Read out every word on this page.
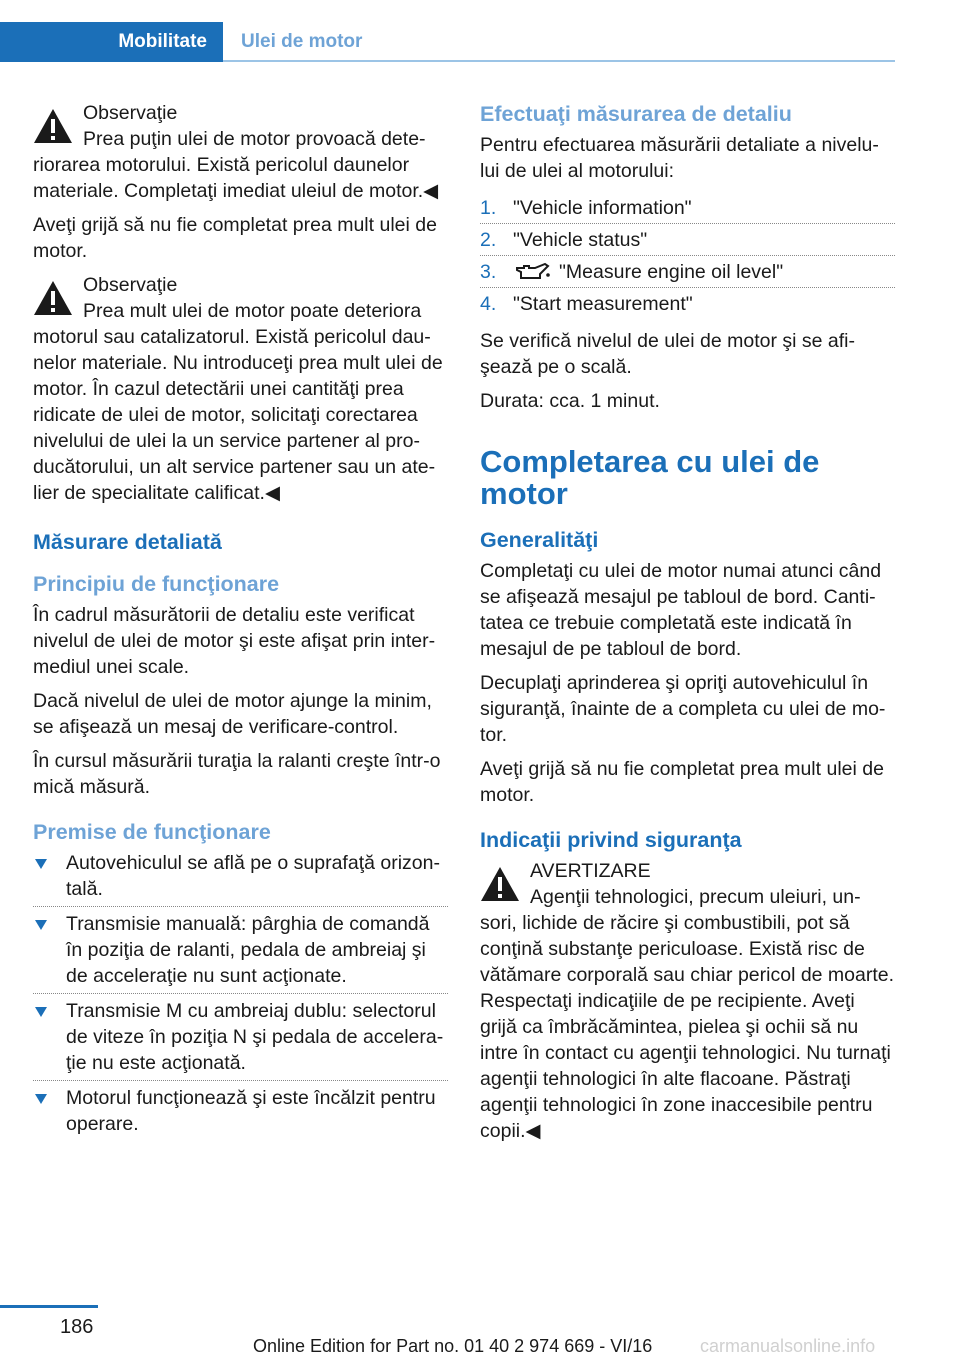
Mobilitate	Ulei de motor
Observaţie
Prea puţin ulei de motor provoacă dete‐

riorarea motorului. Există pericolul daunelor materiale. Completaţi imediat uleiul de motor.◀

Aveţi grijă să nu fie completat prea mult ulei de motor.

Observaţie
Prea mult ulei de motor poate deteriora

motorul sau catalizatorul. Există pericolul dau‐ nelor materiale. Nu introduceţi prea mult ulei de motor. În cazul detectării unei cantităţi prea ridicate de ulei de motor, solicitaţi corectarea nivelului de ulei la un service partener al pro‐ ducătorului, un alt service partener sau un ate‐ lier de specialitate calificat.◀

Măsurare detaliată
Principiu de funcţionare

În cadrul măsurătorii de detaliu este verificat nivelul de ulei de motor şi este afişat prin inter‐ mediul unei scale.

Dacă nivelul de ulei de motor ajunge la minim, se afişează un mesaj de verificare-control.

În cursul măsurării turaţia la ralanti creşte într-o mică măsură.

Premise de funcţionare
Autovehiculul se află pe o suprafaţă orizon‐ tală.
Transmisie manuală: pârghia de comandă în poziţia de ralanti, pedala de ambreiaj şi de acceleraţie nu sunt acţionate.
Transmisie M cu ambreiaj dublu: selectorul de viteze în poziţia N şi pedala de accelera‐ ţie nu este acţionată.
Motorul funcţionează şi este încălzit pentru operare.
Efectuaţi măsurarea de detaliu

Pentru efectuarea măsurării detaliate a nivelu‐ lui de ulei al motorului:

1. "Vehicle information"
2. "Vehicle status"
3.	"Measure engine oil level"
4. "Start measurement"

Se verifică nivelul de ulei de motor şi se afi‐ şează pe o scală.

Durata: cca. 1 minut.

Completarea cu ulei de motor
Generalităţi

Completaţi cu ulei de motor numai atunci când se afişează mesajul pe tabloul de bord. Canti‐ tatea ce trebuie completată este indicată în mesajul de pe tabloul de bord.

Decuplaţi aprinderea şi opriţi autovehiculul în siguranţă, înainte de a completa cu ulei de mo‐ tor.

Aveţi grijă să nu fie completat prea mult ulei de motor.

Indicaţii privind siguranţa
AVERTIZARE
Agenţii tehnologici, precum uleiuri, un‐

sori, lichide de răcire şi combustibili, pot să conţină substanţe periculoase. Există risc de vătămare corporală sau chiar pericol de moarte. Respectaţi indicaţiile de pe recipiente. Aveţi grijă ca îmbrăcămintea, pielea şi ochii să nu intre în contact cu agenţii tehnologici. Nu turnaţi agenţii tehnologici în alte flacoane. Păstraţi agenţii tehnologici în zone inaccesibile pentru copii.◀

186
Online Edition for Part no. 01 40 2 974 669 - VI/16	carmanualsonline.info
